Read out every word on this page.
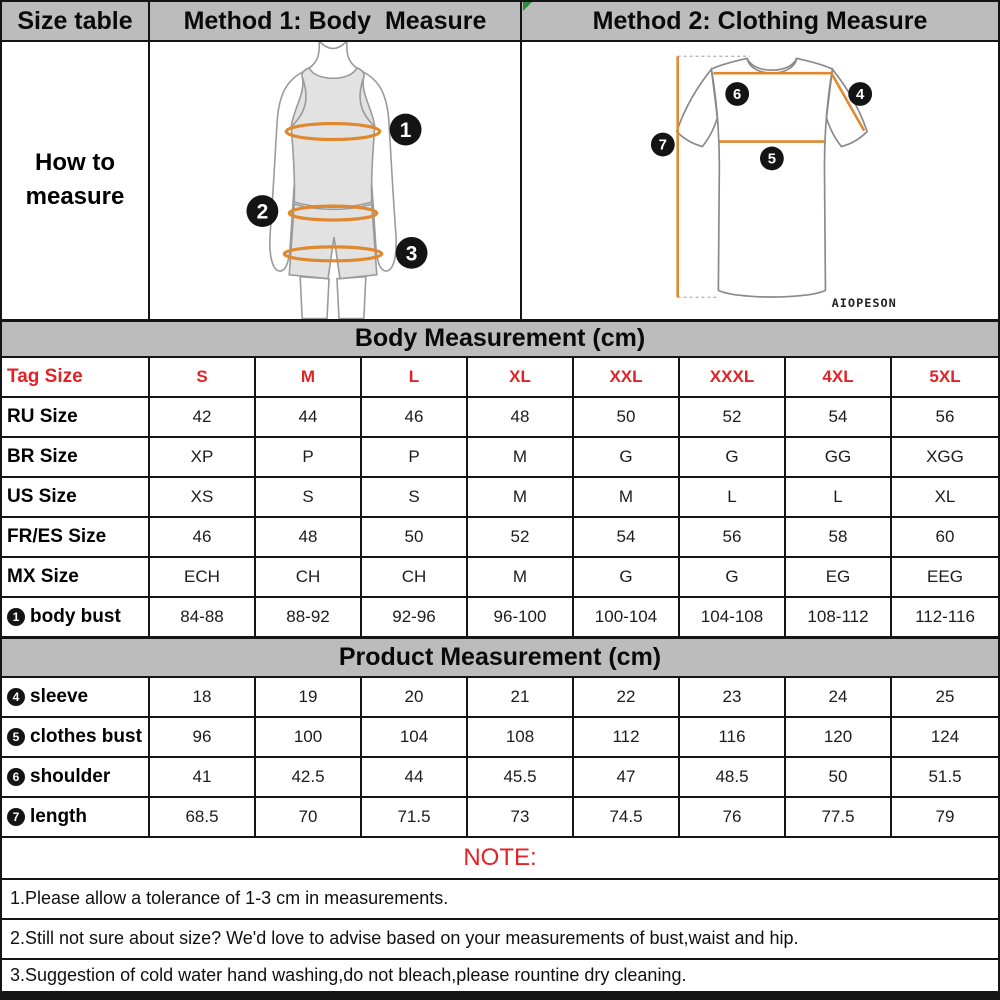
Size table	Method 1: Body  Measure	Method 2: Clothing Measure
How to
measure
1
2
3
6	4
7
5
AIOPESON
Body Measurement (cm)
Tag Size	S	M	L	XL	XXL	XXXL	4XL	5XL
RU Size	42	44	46	48	50	52	54	56
BR Size	XP	P	P	M	G	G	GG	XGG
US Size	XS	S	S	M	M	L	L	XL
FR/ES Size	46	48	50	52	54	56	58	60
MX Size	ECH	CH	CH	M	G	G	EG	EEG
1 body bust	84-88	88-92	92-96	96-100	100-104	104-108	108-112	112-116
Product Measurement (cm)
4 sleeve	18	19	20	21	22	23	24	25
5 clothes bust	96	100	104	108	112	116	120	124
6 shoulder	41	42.5	44	45.5	47	48.5	50	51.5
7 length	68.5	70	71.5	73	74.5	76	77.5	79
NOTE:
1.Please allow a tolerance of 1-3 cm in measurements.
2.Still not sure about size? We'd love to advise based on your measurements of bust,waist and hip.
3.Suggestion of cold water hand washing,do not bleach,please rountine dry cleaning.
